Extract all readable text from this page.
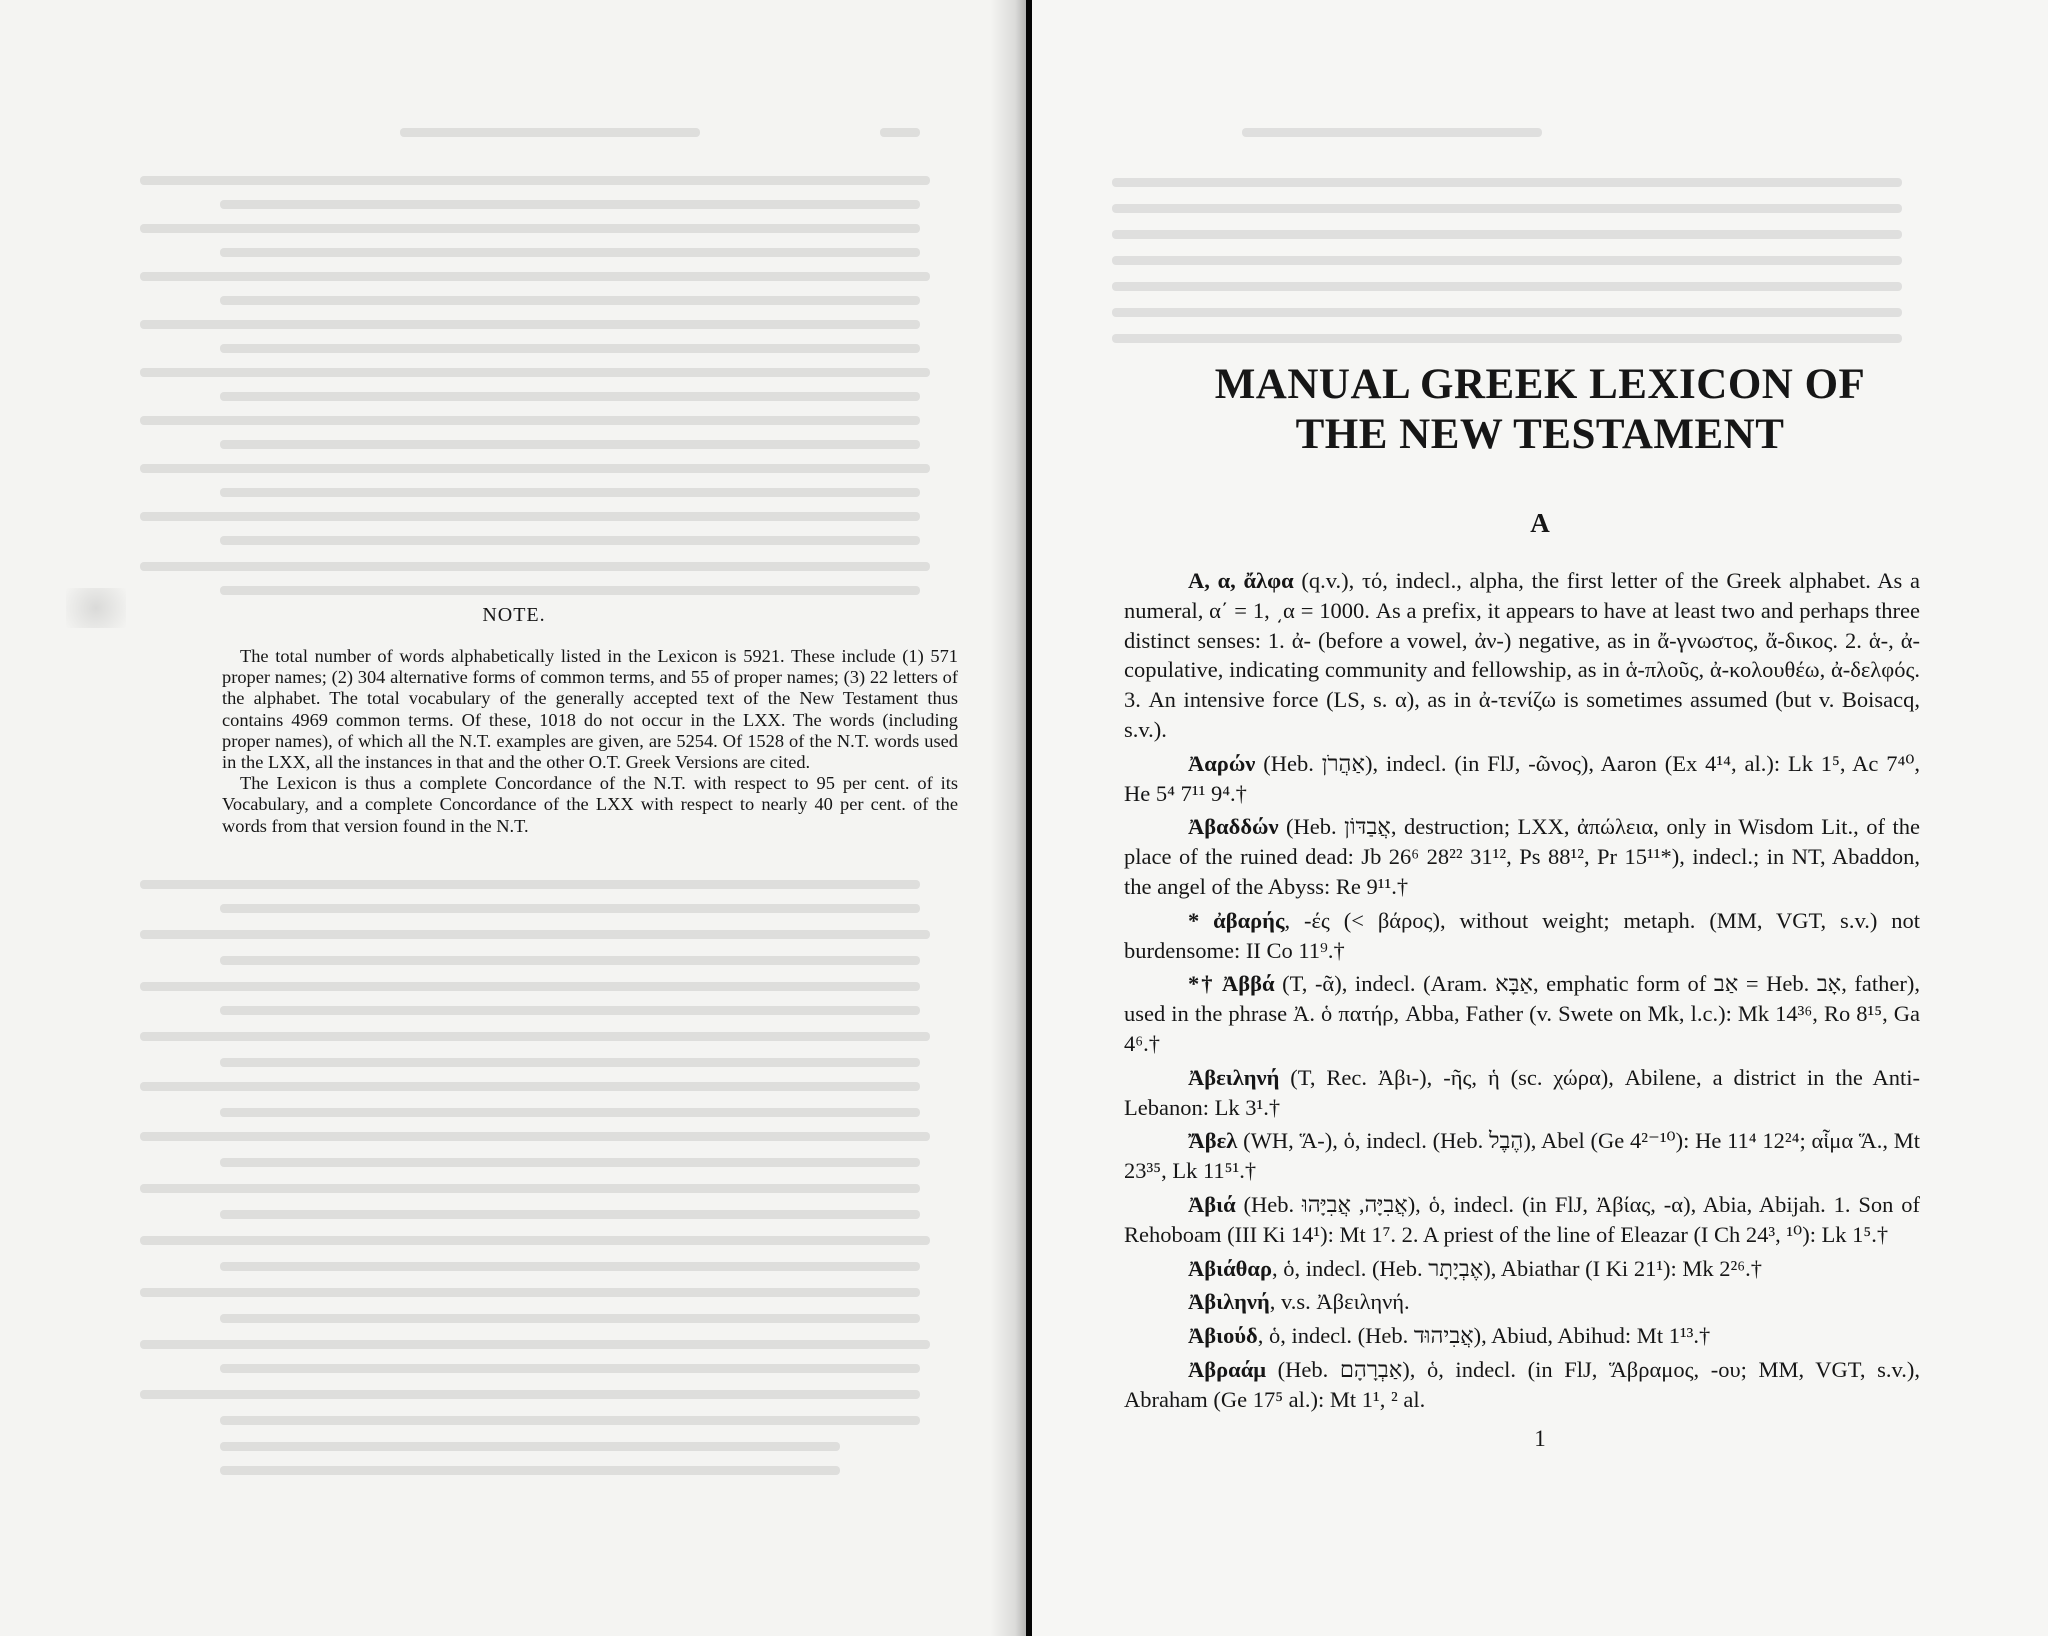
NOTE.

The total number of words alphabetically listed in the Lexicon is 5921. These include (1) 571 proper names; (2) 304 alternative forms of common terms, and 55 of proper names; (3) 22 letters of the alphabet. The total vocabulary of the generally accepted text of the New Testament thus contains 4969 common terms. Of these, 1018 do not occur in the LXX. The words (including proper names), of which all the N.T. examples are given, are 5254. Of 1528 of the N.T. words used in the LXX, all the instances in that and the other O.T. Greek Versions are cited.

The Lexicon is thus a complete Concordance of the N.T. with respect to 95 per cent. of its Vocabulary, and a complete Concordance of the LXX with respect to nearly 40 per cent. of the words from that version found in the N.T.

MANUAL GREEK LEXICON OF
THE NEW TESTAMENT
A

A, α, ἄλφα (q.v.), τό, indecl., alpha, the first letter of the Greek alphabet. As a numeral, α΄ = 1, ͵α = 1000. As a prefix, it appears to have at least two and perhaps three distinct senses: 1. ἀ- (before a vowel, ἀν-) negative, as in ἄ-γνωστος, ἄ-δικος. 2. ἁ-, ἀ- copulative, indicating community and fellowship, as in ἁ-πλοῦς, ἀ-κολουθέω, ἀ-δελφός. 3. An intensive force (LS, s. α), as in ἀ-τενίζω is sometimes assumed (but v. Boisacq, s.v.).

Ἀαρών (Heb. אַהֲרֹן), indecl. (in FlJ, -ῶνος), Aaron (Ex 4¹⁴, al.): Lk 1⁵, Ac 7⁴⁰, He 5⁴ 7¹¹ 9⁴.†

Ἀβαδδών (Heb. אֲבַדּוֹן, destruction; LXX, ἀπώλεια, only in Wisdom Lit., of the place of the ruined dead: Jb 26⁶ 28²² 31¹², Ps 88¹², Pr 15¹¹*), indecl.; in NT, Abaddon, the angel of the Abyss: Re 9¹¹.†

* ἀβαρής, -ές (< βάρος), without weight; metaph. (MM, VGT, s.v.) not burdensome: II Co 11⁹.†

*† Ἀββά (T, -ᾶ), indecl. (Aram. אַבָּא, emphatic form of אַב = Heb. אָב, father), used in the phrase Ἀ. ὁ πατήρ, Abba, Father (v. Swete on Mk, l.c.): Mk 14³⁶, Ro 8¹⁵, Ga 4⁶.†

Ἀβειληνή (T, Rec. Ἀβι-), -ῆς, ἡ (sc. χώρα), Abilene, a district in the Anti-Lebanon: Lk 3¹.†

Ἄβελ (WH, Ἅ-), ὁ, indecl. (Heb. הֶבֶל), Abel (Ge 4²⁻¹⁰): He 11⁴ 12²⁴; αἷμα Ἅ., Mt 23³⁵, Lk 11⁵¹.†

Ἀβιά (Heb. אֲבִיָּה, אֲבִיָּהוּ), ὁ, indecl. (in FlJ, Ἀβίας, -α), Abia, Abijah. 1. Son of Rehoboam (III Ki 14¹): Mt 1⁷. 2. A priest of the line of Eleazar (I Ch 24³, ¹⁰): Lk 1⁵.†

Ἀβιάθαρ, ὁ, indecl. (Heb. אֶבְיָתָר), Abiathar (I Ki 21¹): Mk 2²⁶.†

Ἀβιληνή, v.s. Ἀβειληνή.

Ἀβιούδ, ὁ, indecl. (Heb. אֲבִיהוּד), Abiud, Abihud: Mt 1¹³.†

Ἀβραάμ (Heb. אַבְרָהָם), ὁ, indecl. (in FlJ, Ἅβραμος, -ου; MM, VGT, s.v.), Abraham (Ge 17⁵ al.): Mt 1¹, ² al.

1
